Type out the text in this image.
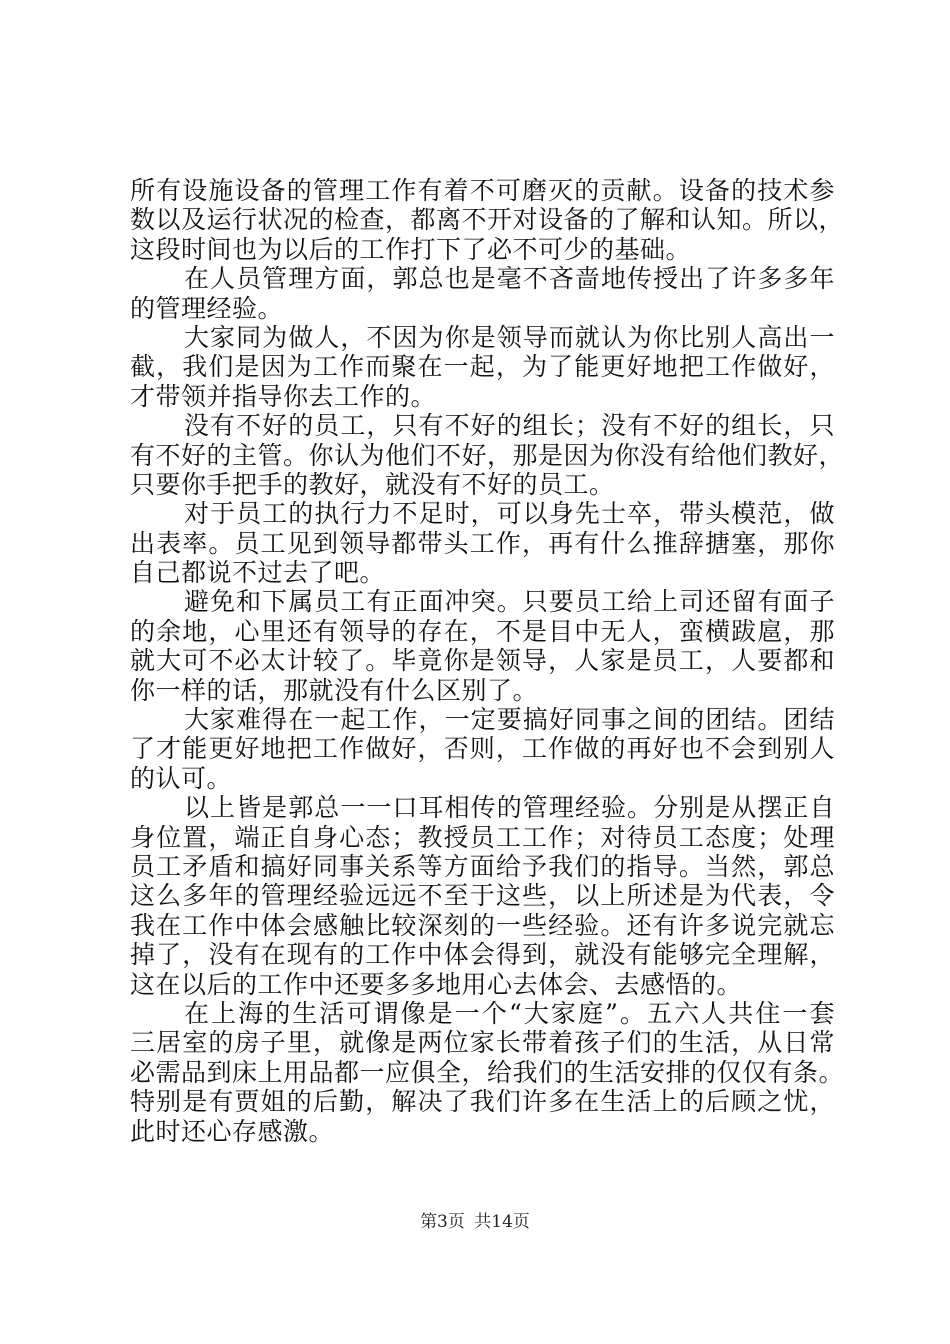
所有设施设备的管理工作有着不可磨灭的贡献。设备的技术参
数以及运行状况的检查，都离不开对设备的了解和认知。所以，
这段时间也为以后的工作打下了必不可少的基础。
在人员管理方面，郭总也是毫不吝啬地传授出了许多多年
的管理经验。
大家同为做人，不因为你是领导而就认为你比别人高出一
截，我们是因为工作而聚在一起，为了能更好地把工作做好，
才带领并指导你去工作的。
没有不好的员工，只有不好的组长；没有不好的组长，只
有不好的主管。你认为他们不好，那是因为你没有给他们教好，
只要你手把手的教好，就没有不好的员工。
对于员工的执行力不足时，可以身先士卒，带头模范，做
出表率。员工见到领导都带头工作，再有什么推辞搪塞，那你
自己都说不过去了吧。
避免和下属员工有正面冲突。只要员工给上司还留有面子
的余地，心里还有领导的存在，不是目中无人，蛮横跋扈，那
就大可不必太计较了。毕竟你是领导，人家是员工，人要都和
你一样的话，那就没有什么区别了。
大家难得在一起工作，一定要搞好同事之间的团结。团结
了才能更好地把工作做好，否则，工作做的再好也不会到别人
的认可。
以上皆是郭总一一口耳相传的管理经验。分别是从摆正自
身位置，端正自身心态；教授员工工作；对待员工态度；处理
员工矛盾和搞好同事关系等方面给予我们的指导。当然，郭总
这么多年的管理经验远远不至于这些，以上所述是为代表，令
我在工作中体会感触比较深刻的一些经验。还有许多说完就忘
掉了，没有在现有的工作中体会得到，就没有能够完全理解，
这在以后的工作中还要多多地用心去体会、去感悟的。
在上海的生活可谓像是一个“大家庭”。五六人共住一套
三居室的房子里，就像是两位家长带着孩子们的生活，从日常
必需品到床上用品都一应俱全，给我们的生活安排的仅仅有条。
特别是有贾姐的后勤，解决了我们许多在生活上的后顾之忧，
此时还心存感激。
第3页 共14页
